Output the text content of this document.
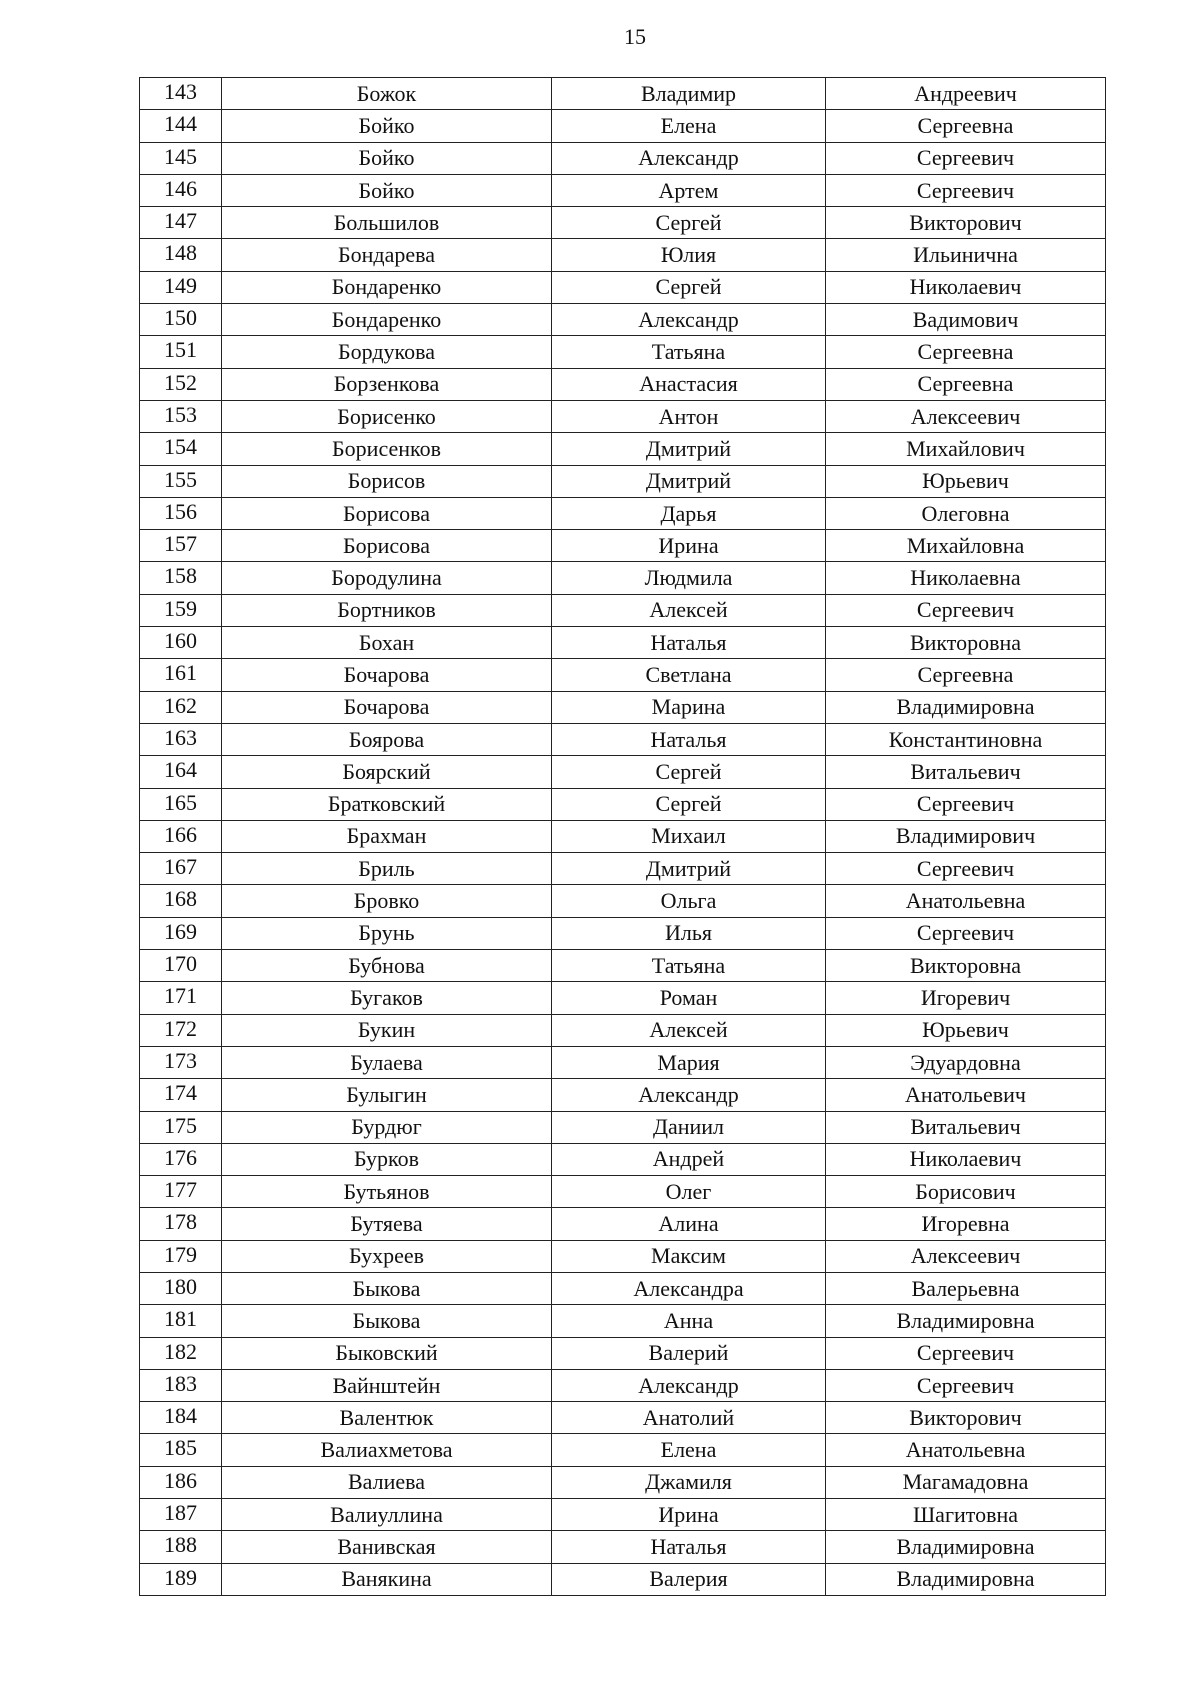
15
143	Божок	Владимир	Андреевич
144	Бойко	Елена	Сергеевна
145	Бойко	Александр	Сергеевич
146	Бойко	Артем	Сергеевич
147	Большилов	Сергей	Викторович
148	Бондарева	Юлия	Ильинична
149	Бондаренко	Сергей	Николаевич
150	Бондаренко	Александр	Вадимович
151	Бордукова	Татьяна	Сергеевна
152	Борзенкова	Анастасия	Сергеевна
153	Борисенко	Антон	Алексеевич
154	Борисенков	Дмитрий	Михайлович
155	Борисов	Дмитрий	Юрьевич
156	Борисова	Дарья	Олеговна
157	Борисова	Ирина	Михайловна
158	Бородулина	Людмила	Николаевна
159	Бортников	Алексей	Сергеевич
160	Бохан	Наталья	Викторовна
161	Бочарова	Светлана	Сергеевна
162	Бочарова	Марина	Владимировна
163	Боярова	Наталья	Константиновна
164	Боярский	Сергей	Витальевич
165	Братковский	Сергей	Сергеевич
166	Брахман	Михаил	Владимирович
167	Бриль	Дмитрий	Сергеевич
168	Бровко	Ольга	Анатольевна
169	Брунь	Илья	Сергеевич
170	Бубнова	Татьяна	Викторовна
171	Бугаков	Роман	Игоревич
172	Букин	Алексей	Юрьевич
173	Булаева	Мария	Эдуардовна
174	Булыгин	Александр	Анатольевич
175	Бурдюг	Даниил	Витальевич
176	Бурков	Андрей	Николаевич
177	Бутьянов	Олег	Борисович
178	Бутяева	Алина	Игоревна
179	Бухреев	Максим	Алексеевич
180	Быкова	Александра	Валерьевна
181	Быкова	Анна	Владимировна
182	Быковский	Валерий	Сергеевич
183	Вайнштейн	Александр	Сергеевич
184	Валентюк	Анатолий	Викторович
185	Валиахметова	Елена	Анатольевна
186	Валиева	Джамиля	Магамадовна
187	Валиуллина	Ирина	Шагитовна
188	Ванивская	Наталья	Владимировна
189	Ванякина	Валерия	Владимировна
